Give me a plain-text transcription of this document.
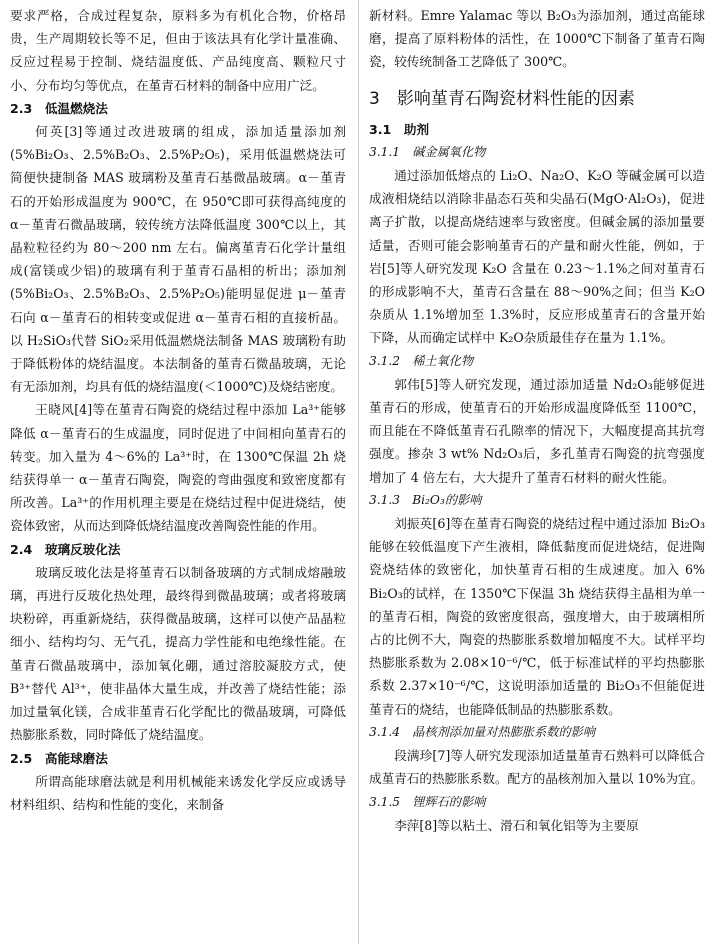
要求严格，合成过程复杂，原料多为有机化合物，价格昂贵，生产周期较长等不足，但由于该法具有化学计量准确、反应过程易于控制、烧结温度低、产品纯度高、颗粒尺寸小、分布均匀等优点，在堇青石材料的制备中应用广泛。

2.3　低温燃烧法

何英[3]等通过改进玻璃的组成，添加适量添加剂(5%Bi₂O₃、2.5%B₂O₃、2.5%P₂O₅)，采用低温燃烧法可简便快捷制备 MAS 玻璃粉及堇青石基微晶玻璃。α－堇青石的开始形成温度为 900℃，在 950℃即可获得高纯度的 α－堇青石微晶玻璃，较传统方法降低温度 300℃以上，其晶粒粒径约为 80～200 nm 左右。偏离堇青石化学计量组成(富镁或少铝)的玻璃有利于堇青石晶相的析出；添加剂(5%Bi₂O₃、2.5%B₂O₃、2.5%P₂O₅)能明显促进 μ－堇青石向 α－堇青石的相转变或促进 α－堇青石相的直接析晶。以 H₂SiO₃代替 SiO₂采用低温燃烧法制备 MAS 玻璃粉有助于降低粉体的烧结温度。本法制备的堇青石微晶玻璃，无论有无添加剂，均具有低的烧结温度(＜1000℃)及烧结密度。

王晓风[4]等在堇青石陶瓷的烧结过程中添加 La³⁺能够降低 α－堇青石的生成温度，同时促进了中间相向堇青石的转变。加入量为 4～6%的 La³⁺时，在 1300℃保温 2h 烧结获得单一 α－堇青石陶瓷，陶瓷的弯曲强度和致密度都有所改善。La³⁺的作用机理主要是在烧结过程中促进烧结，使瓷体致密，从而达到降低烧结温度改善陶瓷性能的作用。

2.4　玻璃反玻化法

玻璃反玻化法是将堇青石以制备玻璃的方式制成熔融玻璃，再进行反玻化热处理，最终得到微晶玻璃；或者将玻璃块粉碎，再重新烧结，获得微晶玻璃，这样可以使产品晶粒细小、结构均匀、无气孔，提高力学性能和电绝缘性能。在堇青石微晶玻璃中，添加氧化硼，通过溶胶凝胶方式，使 B³⁺替代 Al³⁺，使非晶体大量生成，并改善了烧结性能；添加过量氧化镁，合成非堇青石化学配比的微晶玻璃，可降低热膨胀系数，同时降低了烧结温度。

2.5　高能球磨法

所谓高能球磨法就是利用机械能来诱发化学反应或诱导材料组织、结构和性能的变化，来制备

新材料。Emre Yalamac 等以 B₂O₃为添加剂，通过高能球磨，提高了原料粉体的活性，在 1000℃下制备了堇青石陶瓷，较传统制备工艺降低了 300℃。

3　影响堇青石陶瓷材料性能的因素
3.1　助剂
3.1.1　碱金属氧化物

通过添加低熔点的 Li₂O、Na₂O、K₂O 等碱金属可以造成液相烧结以消除非晶态石英和尖晶石(MgO·Al₂O₃)，促进离子扩散，以提高烧结速率与致密度。但碱金属的添加量要适量，否则可能会影响堇青石的产量和耐火性能，例如，于岩[5]等人研究发现 K₂O 含量在 0.23～1.1%之间对堇青石的形成影响不大，堇青石含量在 88～90%之间；但当 K₂O 杂质从 1.1%增加至 1.3%时，反应形成堇青石的含量开始下降，从而确定试样中 K₂O杂质最佳存在量为 1.1%。

3.1.2　稀土氧化物

郭伟[5]等人研究发现，通过添加适量 Nd₂O₃能够促进堇青石的形成，使堇青石的开始形成温度降低至 1100℃，而且能在不降低堇青石孔隙率的情况下，大幅度提高其抗弯强度。掺杂 3 wt% Nd₂O₃后，多孔堇青石陶瓷的抗弯强度增加了 4 倍左右，大大提升了堇青石材料的耐火性能。

3.1.3　Bi₂O₃的影响

刘振英[6]等在堇青石陶瓷的烧结过程中通过添加 Bi₂O₃能够在较低温度下产生液相，降低黏度而促进烧结，促进陶瓷烧结体的致密化，加快堇青石相的生成速度。加入 6% Bi₂O₃的试样，在 1350℃下保温 3h 烧结获得主晶相为单一的堇青石相，陶瓷的致密度很高，强度增大，由于玻璃相所占的比例不大，陶瓷的热膨胀系数增加幅度不大。试样平均热膨胀系数为 2.08×10⁻⁶/℃，低于标准试样的平均热膨胀系数 2.37×10⁻⁶/℃，这说明添加适量的 Bi₂O₃不但能促进堇青石的烧结，也能降低制品的热膨胀系数。

3.1.4　晶核剂添加量对热膨胀系数的影响

段满珍[7]等人研究发现添加适量堇青石熟料可以降低合成堇青石的热膨胀系数。配方的晶核剂加入量以 10%为宜。

3.1.5　锂辉石的影响

李萍[8]等以粘土、滑石和氧化铝等为主要原
